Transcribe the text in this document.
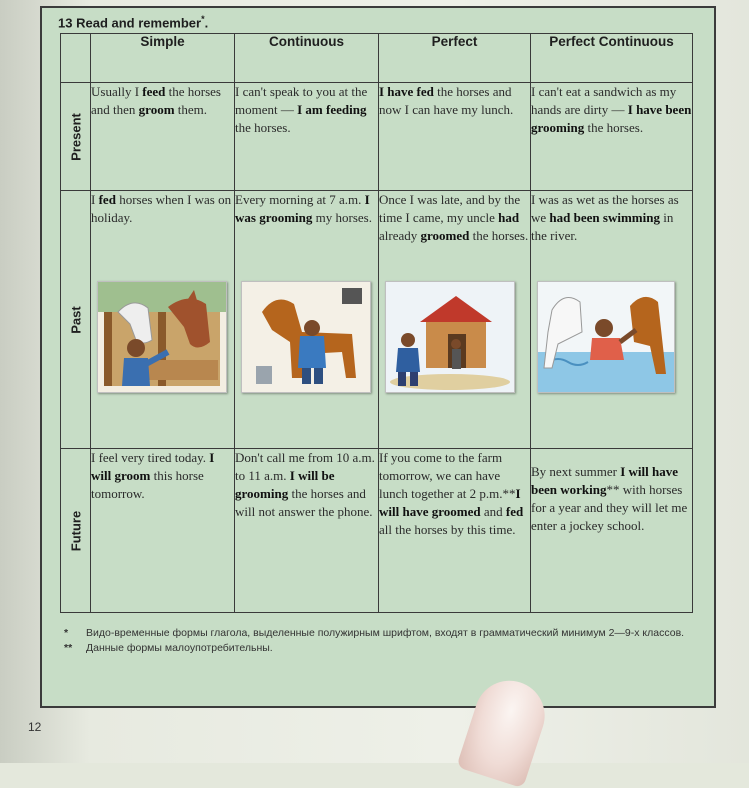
13 Read and remember*.
	Simple	Continuous	Perfect	Perfect Continuous

Present	Usually I feed the horses and then groom them.	I can't speak to you at the moment — I am feeding the horses.	I have fed the horses and now I can have my lunch.	I can't eat a sandwich as my hands are dirty — I have been grooming the horses.

Past	I fed horses when I was on holiday.	Every morning at 7 a.m. I was grooming my horses.	Once I was late, and by the time I came, my uncle had already groomed the horses.	I was as wet as the horses as we had been swimming in the river.

Future	I feel very tired today. I will groom this horse tomorrow.	Don't call me from 10 a.m. to 11 a.m. I will be grooming the horses and will not answer the phone.	If you come to the farm tomorrow, we can have lunch together at 2 p.m.**I will have groomed and fed all the horses by this time.	By next summer I will have been working** with horses for a year and they will let me enter a jockey school.

*	Видо-временные формы глагола, выделенные полужирным шрифтом, входят в грамматический минимум 2—9-х классов.
**	Данные формы малоупотребительны.
12
